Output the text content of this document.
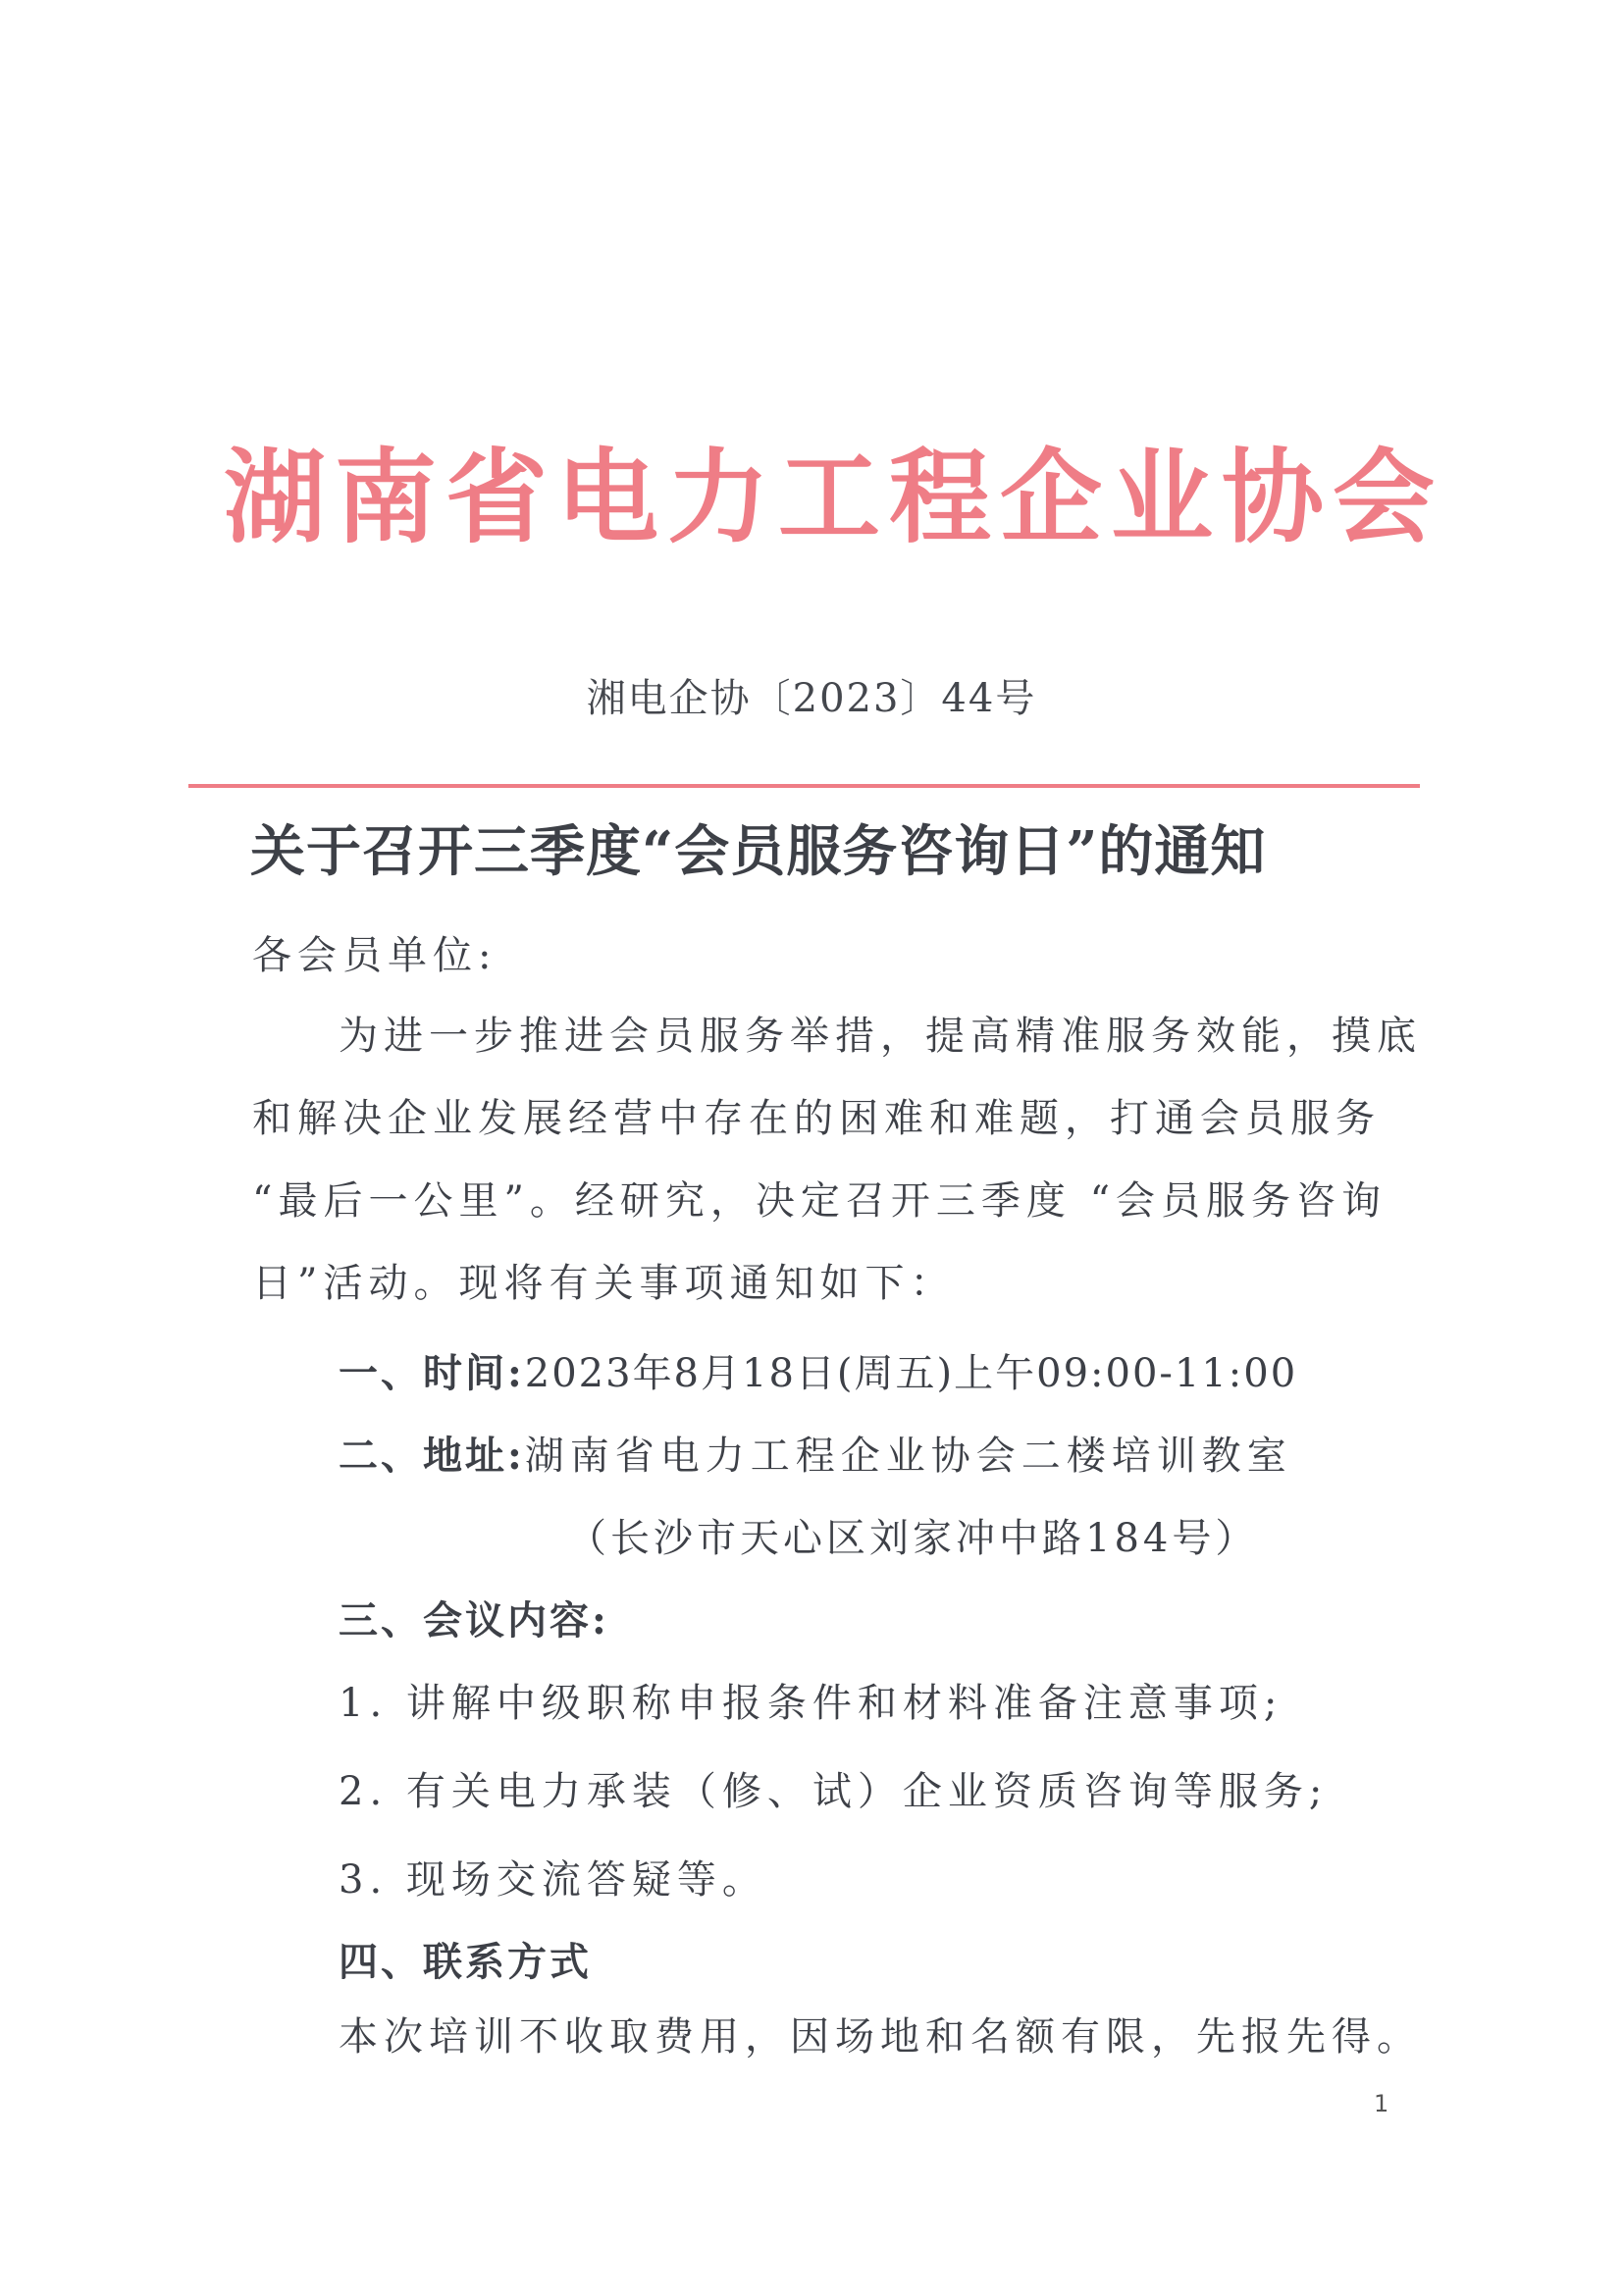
湖南省电力工程企业协会
湘电企协〔2023〕44号
关于召开三季度“会员服务咨询日”的通知
各会员单位:
为进一步推进会员服务举措，提高精准服务效能，摸底
和解决企业发展经营中存在的困难和难题，打通会员服务
“最后一公里”。经研究，决定召开三季度 “会员服务咨询
日”活动。现将有关事项通知如下：
一、时间:2023年8月18日(周五)上午09:00-11:00
二、地址:湖南省电力工程企业协会二楼培训教室
（长沙市天心区刘家冲中路184号）
三、会议内容:
1. 讲解中级职称申报条件和材料准备注意事项;
2. 有关电力承装（修、试）企业资质咨询等服务;
3. 现场交流答疑等。
四、联系方式
本次培训不收取费用，因场地和名额有限，先报先得。
1
